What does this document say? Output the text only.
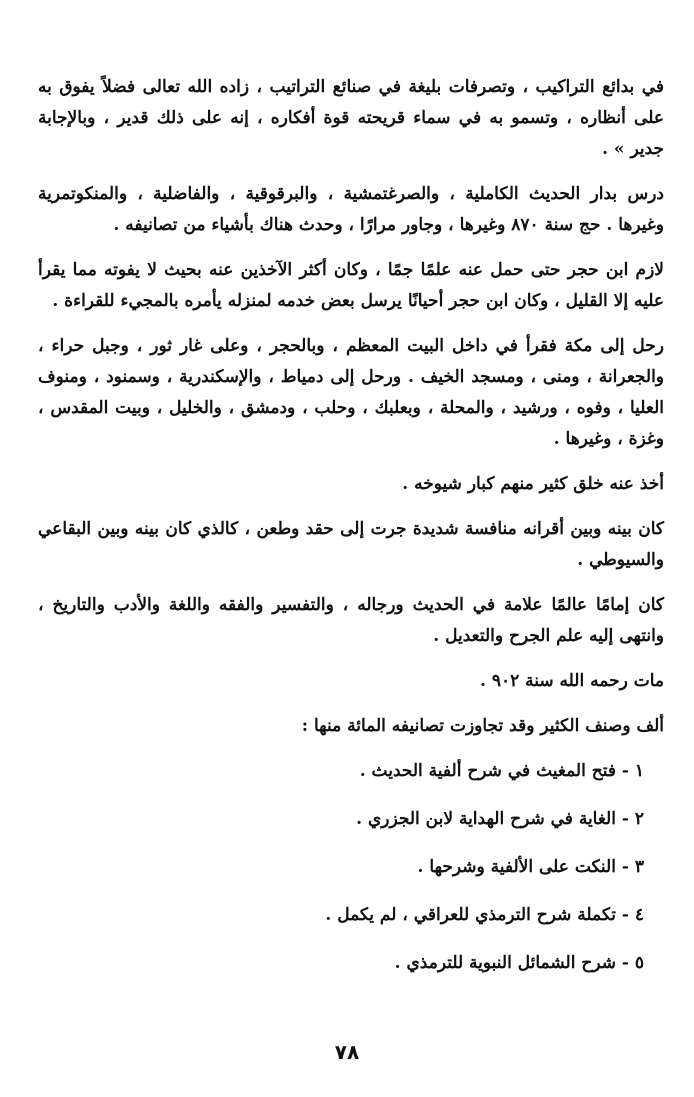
في بدائع التراكيب ، وتصرفات بليغة في صنائع التراتيب ، زاده الله تعالى فضلاً يفوق به على أنظاره ، وتسمو به في سماء قريحته قوة أفكاره ، إنه على ذلك قدير ، وبالإجابة جدير » .

درس بدار الحديث الكاملية ، والصرغتمشية ، والبرقوقية ، والفاضلية ، والمنكوتمرية وغيرها . حج سنة ٨٧٠ وغيرها ، وجاور مرارًا ، وحدث هناك بأشياء من تصانيفه .

لازم ابن حجر حتى حمل عنه علمًا جمًا ، وكان أكثر الآخذين عنه بحيث لا يفوته مما يقرأ عليه إلا القليل ، وكان ابن حجر أحيانًا يرسل بعض خدمه لمنزله يأمره بالمجيء للقراءة .

رحل إلى مكة فقرأ في داخل البيت المعظم ، وبالحجر ، وعلى غار ثور ، وجبل حراء ، والجعرانة ، ومنى ، ومسجد الخيف . ورحل إلى دمياط ، والإسكندرية ، وسمنود ، ومنوف العليا ، وفوه ، ورشيد ، والمحلة ، وبعلبك ، وحلب ، ودمشق ، والخليل ، وبيت المقدس ، وغزة ، وغيرها .

أخذ عنه خلق كثير منهم كبار شيوخه .

كان بينه وبين أقرانه منافسة شديدة جرت إلى حقد وطعن ، كالذي كان بينه وبين البقاعي والسيوطي .

كان إمامًا عالمًا علامة في الحديث ورجاله ، والتفسير والفقه واللغة والأدب والتاريخ ، وانتهى إليه علم الجرح والتعديل .

مات رحمه الله سنة ٩٠٢ .

ألف وصنف الكثير وقد تجاوزت تصانيفه المائة منها :

١ - فتح المغيث في شرح ألفية الحديث .
٢ - الغاية في شرح الهداية لابن الجزري .
٣ - النكت على الألفية وشرحها .
٤ - تكملة شرح الترمذي للعراقي ، لم يكمل .
٥ - شرح الشمائل النبوية للترمذي .
٧٨
